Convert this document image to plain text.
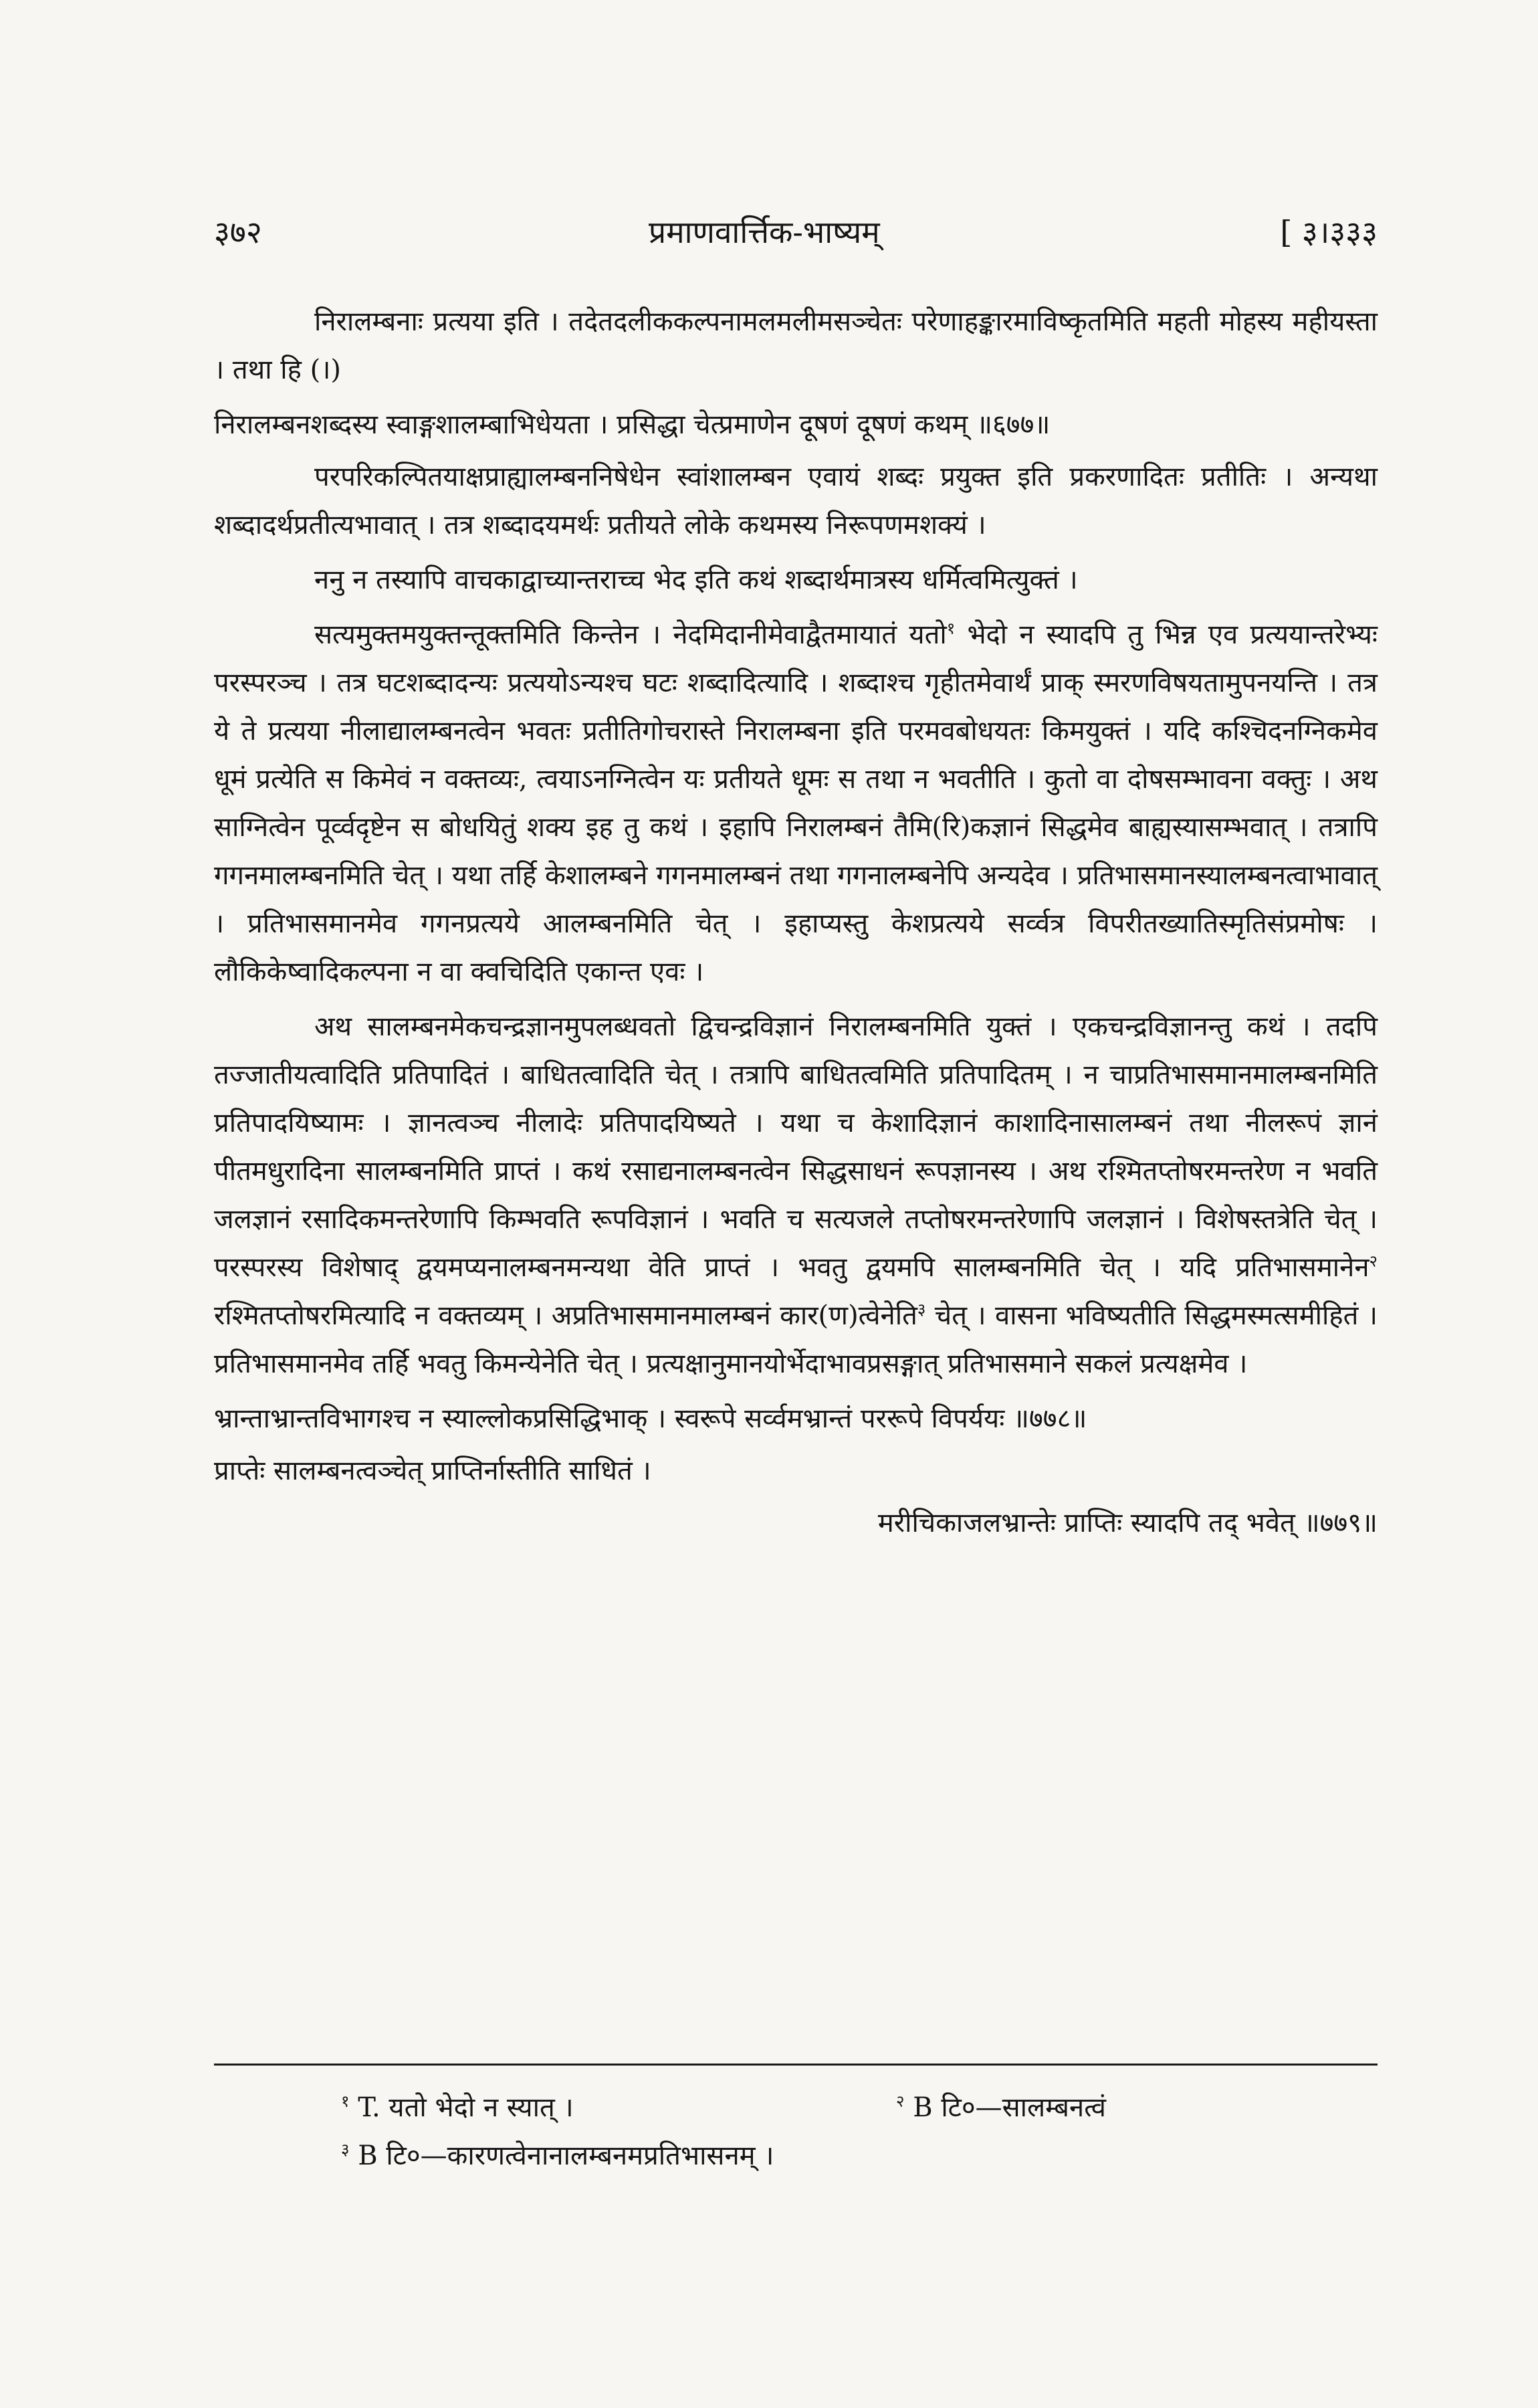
३७२	प्रमाणवार्त्तिक-भाष्यम्	[ ३।३३३

निरालम्बनाः प्रत्यया इति । तदेतदलीककल्पनामलमलीमसञ्चेतः परेणाहङ्कारमाविष्कृतमिति महती मोहस्य महीयस्ता । तथा हि (।)

निरालम्बनशब्दस्य स्वाङ्गशालम्बाभिधेयता । प्रसिद्धा चेत्प्रमाणेन दूषणं दूषणं कथम् ॥६७७॥

परपरिकल्पितयाक्षप्राह्यालम्बननिषेधेन स्वांशालम्बन एवायं शब्दः प्रयुक्त इति प्रकरणादितः प्रतीतिः । अन्यथा शब्दादर्थप्रतीत्यभावात् । तत्र शब्दादयमर्थः प्रतीयते लोके कथमस्य निरूपणमशक्यं ।

ननु न तस्यापि वाचकाद्वाच्यान्तराच्च भेद इति कथं शब्दार्थमात्रस्य धर्मित्वमित्युक्तं ।

सत्यमुक्तमयुक्तन्तूक्तमिति किन्तेन । नेदमिदानीमेवाद्वैतमायातं यतो$^१$ भेदो न स्यादपि तु भिन्न एव प्रत्ययान्तरेभ्यः परस्परञ्च । तत्र घटशब्दादन्यः प्रत्ययोऽन्यश्च घटः शब्दादित्यादि । शब्दाश्च गृहीतमेवार्थं प्राक् स्मरणविषयतामुपनयन्ति । तत्र ये ते प्रत्यया नीलाद्यालम्बनत्वेन भवतः प्रतीतिगोचरास्ते निरालम्बना इति परमवबोधयतः किमयुक्तं । यदि कश्चिदनग्निकमेव धूमं प्रत्येति स किमेवं न वक्तव्यः, त्वयाऽनग्नित्वेन यः प्रतीयते धूमः स तथा न भवतीति । कुतो वा दोषसम्भावना वक्तुः । अथ साग्नित्वेन पूर्व्वदृष्टेन स बोधयितुं शक्य इह तु कथं । इहापि निरालम्बनं तैमि(रि)कज्ञानं सिद्धमेव बाह्यस्यासम्भवात् । तत्रापि गगनमालम्बनमिति चेत् । यथा तर्हि केशालम्बने गगनमालम्बनं तथा गगनालम्बनेपि अन्यदेव । प्रतिभासमानस्यालम्बनत्वाभावात् । प्रतिभासमानमेव गगनप्रत्यये आलम्बनमिति चेत् । इहाप्यस्तु केशप्रत्यये सर्व्वत्र विपरीतख्यातिस्मृतिसंप्रमोषः । लौकिकेष्वादिकल्पना न वा क्वचिदिति एकान्त एवः ।

अथ सालम्बनमेकचन्द्रज्ञानमुपलब्धवतो द्विचन्द्रविज्ञानं निरालम्बनमिति युक्तं । एकचन्द्रविज्ञानन्तु कथं । तदपि तज्जातीयत्वादिति प्रतिपादितं । बाधितत्वादिति चेत् । तत्रापि बाधितत्वमिति प्रतिपादितम् । न चाप्रतिभासमानमालम्बनमिति प्रतिपादयिष्यामः । ज्ञानत्वञ्च नीलादेः प्रतिपादयिष्यते । यथा च केशादिज्ञानं काशादिनासालम्बनं तथा नीलरूपं ज्ञानं पीतमधुरादिना सालम्बनमिति प्राप्तं । कथं रसाद्यनालम्बनत्वेन सिद्धसाधनं रूपज्ञानस्य । अथ रश्मितप्तोषरमन्तरेण न भवति जलज्ञानं रसादिकमन्तरेणापि किम्भवति रूपविज्ञानं । भवति च सत्यजले तप्तोषरमन्तरेणापि जलज्ञानं । विशेषस्तत्रेति चेत् । परस्परस्य विशेषाद् द्वयमप्यनालम्बनमन्यथा वेति प्राप्तं । भवतु द्वयमपि सालम्बनमिति चेत् । यदि प्रतिभासमानेन$^२$ रश्मितप्तोषरमित्यादि न वक्तव्यम् । अप्रतिभासमानमालम्बनं कार(ण)त्वेनेति$^३$ चेत् । वासना भविष्यतीति सिद्धमस्मत्समीहितं । प्रतिभासमानमेव तर्हि भवतु किमन्येनेति चेत् । प्रत्यक्षानुमानयोर्भेदाभावप्रसङ्गात् प्रतिभासमाने सकलं प्रत्यक्षमेव ।

भ्रान्ताभ्रान्तविभागश्च न स्याल्लोकप्रसिद्धिभाक् । स्वरूपे सर्व्वमभ्रान्तं पररूपे विपर्ययः ॥७७८॥

प्राप्तेः सालम्बनत्वञ्चेत् प्राप्तिर्नास्तीति साधितं ।

मरीचिकाजलभ्रान्तेः प्राप्तिः स्यादपि तद् भवेत् ॥७७९॥

$^१$ T. यतो भेदो न स्यात् ।	$^२$ B टि०—सालम्बनत्वं
$^३$ B टि०—कारणत्वेनानालम्बनमप्रतिभासनम् ।
